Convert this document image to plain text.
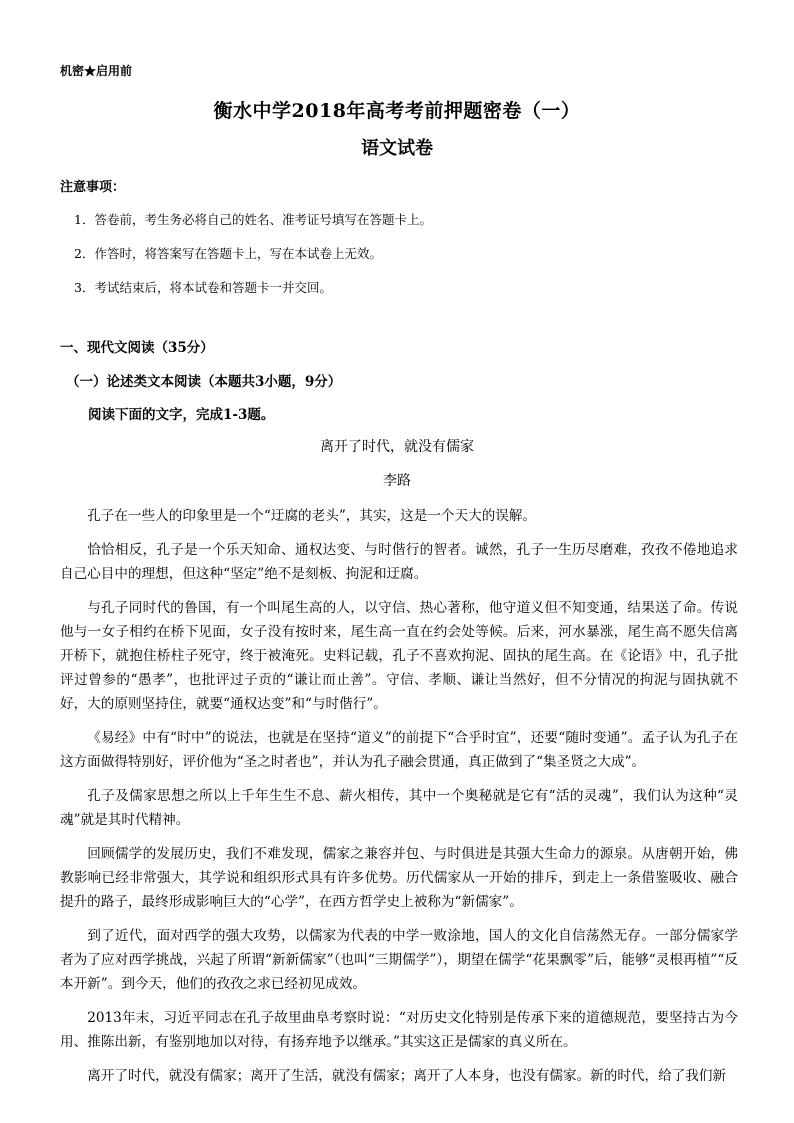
机密★启用前
衡水中学2018年高考考前押题密卷（一）
语文试卷
注意事项：
1．答卷前，考生务必将自己的姓名、准考证号填写在答题卡上。
2．作答时，将答案写在答题卡上，写在本试卷上无效。
3．考试结束后，将本试卷和答题卡一并交回。
一、现代文阅读（35分）
（一）论述类文本阅读（本题共3小题，9分）
阅读下面的文字，完成1-3题。
离开了时代，就没有儒家
李路

孔子在一些人的印象里是一个“迂腐的老头”，其实，这是一个天大的误解。

恰恰相反，孔子是一个乐天知命、通权达变、与时偕行的智者。诚然，孔子一生历尽磨难，孜孜不倦地追求自己心目中的理想，但这种“坚定”绝不是刻板、拘泥和迂腐。

与孔子同时代的鲁国，有一个叫尾生高的人，以守信、热心著称，他守道义但不知变通，结果送了命。传说他与一女子相约在桥下见面，女子没有按时来，尾生高一直在约会处等候。后来，河水暴涨，尾生高不愿失信离开桥下，就抱住桥柱子死守，终于被淹死。史料记载，孔子不喜欢拘泥、固执的尾生高。在《论语》中，孔子批评过曾参的“愚孝”，也批评过子贡的“谦让而止善”。守信、孝顺、谦让当然好，但不分情况的拘泥与固执就不好，大的原则坚持住，就要“通权达变”和“与时偕行”。

《易经》中有“时中”的说法，也就是在坚持“道义”的前提下“合乎时宜”，还要“随时变通”。孟子认为孔子在这方面做得特别好，评价他为“圣之时者也”，并认为孔子融会贯通，真正做到了“集圣贤之大成”。

孔子及儒家思想之所以上千年生生不息、薪火相传，其中一个奥秘就是它有“活的灵魂”，我们认为这种“灵魂”就是其时代精神。

回顾儒学的发展历史，我们不难发现，儒家之兼容并包、与时俱进是其强大生命力的源泉。从唐朝开始，佛教影响已经非常强大，其学说和组织形式具有许多优势。历代儒家从一开始的排斥，到走上一条借鉴吸收、融合提升的路子，最终形成影响巨大的“心学”，在西方哲学史上被称为“新儒家”。

到了近代，面对西学的强大攻势，以儒家为代表的中学一败涂地，国人的文化自信荡然无存。一部分儒家学者为了应对西学挑战，兴起了所谓“新新儒家”（也叫“三期儒学”），期望在儒学“花果飘零”后，能够“灵根再植”“反本开新”。到今天，他们的孜孜之求已经初见成效。

2013年末，习近平同志在孔子故里曲阜考察时说：“对历史文化特别是传承下来的道德规范，要坚持古为今用、推陈出新，有鉴别地加以对待，有扬弃地予以继承。”其实这正是儒家的真义所在。

离开了时代，就没有儒家；离开了生活，就没有儒家；离开了人本身，也没有儒家。新的时代，给了我们新
